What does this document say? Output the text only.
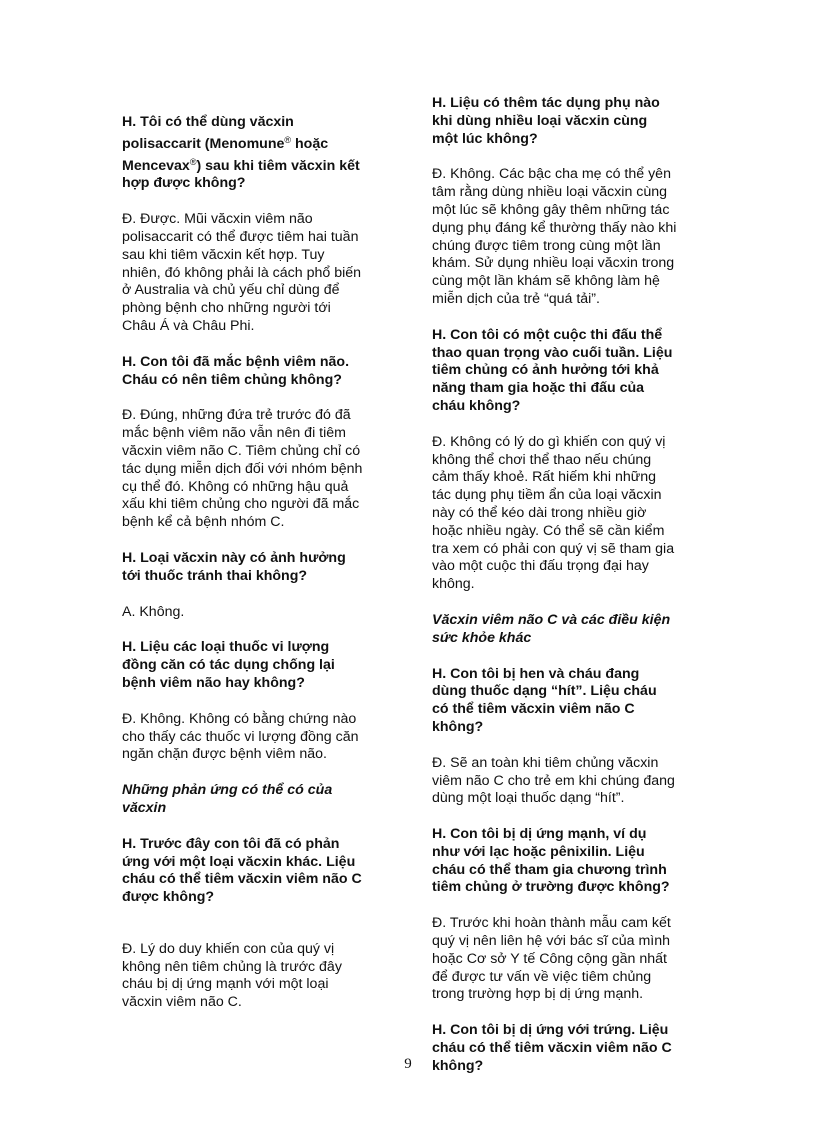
H. Tôi có thể dùng văcxin
polisaccarit (Menomune® hoặc
Mencevax®) sau khi tiêm văcxin kết
hợp được không?
Đ. Được. Mũi văcxin viêm não
polisaccarit có thể được tiêm hai tuần
sau khi tiêm văcxin kết hợp. Tuy
nhiên, đó không phải là cách phổ biến
ở Australia và chủ yếu chỉ dùng để
phòng bệnh cho những người tới
Châu Á và Châu Phi.
H. Con tôi đã mắc bệnh viêm não.
Cháu có nên tiêm chủng không?
Đ. Đúng, những đứa trẻ trước đó đã
mắc bệnh viêm não vẫn nên đi tiêm
văcxin viêm não C. Tiêm chủng chỉ có
tác dụng miễn dịch đối với nhóm bệnh
cụ thể đó. Không có những hậu quả
xấu khi tiêm chủng cho người đã mắc
bệnh kể cả bệnh nhóm C.
H. Loại văcxin này có ảnh hưởng
tới thuốc tránh thai không?
A. Không.
H. Liệu các loại thuốc vi lượng
đồng căn có tác dụng chống lại
bệnh viêm não hay không?
Đ. Không. Không có bằng chứng nào
cho thấy các thuốc vi lượng đồng căn
ngăn chặn được bệnh viêm não.
Những phản ứng có thể có của
văcxin
H. Trước đây con tôi đã có phản
ứng với một loại văcxin khác. Liệu
cháu có thể tiêm văcxin viêm não C
được không?
Đ. Lý do duy khiến con của quý vị
không nên tiêm chủng là trước đây
cháu bị dị ứng mạnh với một loại
văcxin viêm não C.
H. Liệu có thêm tác dụng phụ nào
khi dùng nhiều loại văcxin cùng
một lúc không?
Đ. Không. Các bậc cha mẹ có thể yên
tâm rằng dùng nhiều loại văcxin cùng
một lúc sẽ không gây thêm những tác
dụng phụ đáng kể thường thấy nào khi
chúng được tiêm trong cùng một lần
khám. Sử dụng nhiều loại văcxin trong
cùng một lần khám sẽ không làm hệ
miễn dịch của trẻ “quá tải”.
H. Con tôi có một cuộc thi đấu thể
thao quan trọng vào cuối tuần. Liệu
tiêm chủng có ảnh hưởng tới khả
năng tham gia hoặc thi đấu của
cháu không?
Đ. Không có lý do gì khiến con quý vị
không thể chơi thể thao nếu chúng
cảm thấy khoẻ. Rất hiếm khi những
tác dụng phụ tiềm ẩn của loại văcxin
này có thể kéo dài trong nhiều giờ
hoặc nhiều ngày. Có thể sẽ cần kiểm
tra xem có phải con quý vị sẽ tham gia
vào một cuộc thi đấu trọng đại hay
không.
Văcxin viêm não C và các điều kiện
sức khỏe khác
H. Con tôi bị hen và cháu đang
dùng thuốc dạng “hít”. Liệu cháu
có thể tiêm văcxin viêm não C
không?
Đ. Sẽ an toàn khi tiêm chủng văcxin
viêm não C cho trẻ em khi chúng đang
dùng một loại thuốc dạng “hít”.
H. Con tôi bị dị ứng mạnh, ví dụ
như với lạc hoặc pênixilin. Liệu
cháu có thể tham gia chương trình
tiêm chủng ở trường được không?
Đ. Trước khi hoàn thành mẫu cam kết
quý vị nên liên hệ với bác sĩ của mình
hoặc Cơ sở Y tế Công cộng gần nhất
để được tư vấn về việc tiêm chủng
trong trường hợp bị dị ứng mạnh.
H. Con tôi bị dị ứng với trứng. Liệu
cháu có thể tiêm văcxin viêm não C
không?
9
